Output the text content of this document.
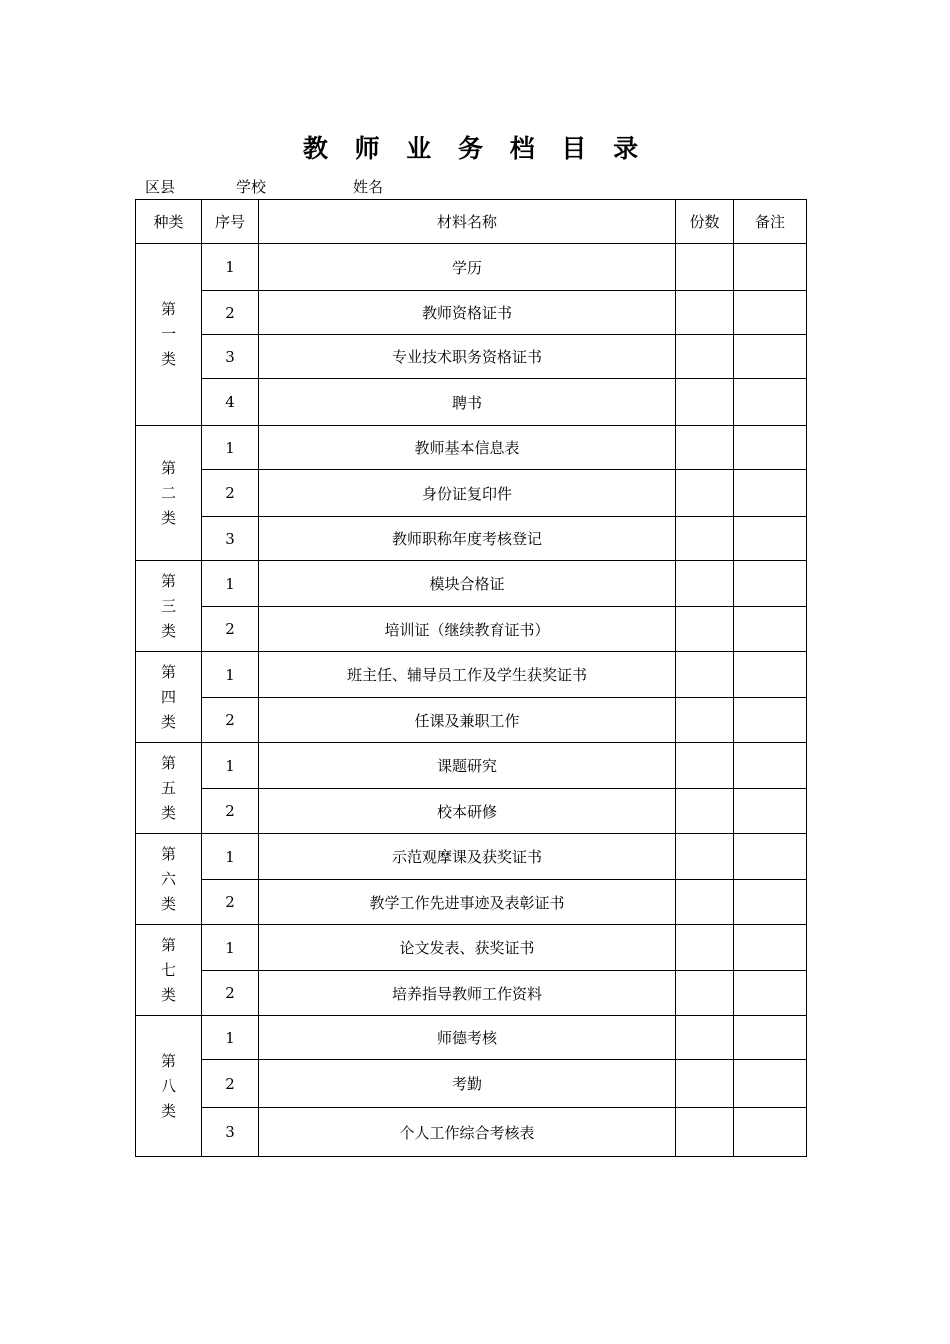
教 师 业 务 档 目 录
区县	学校	姓名
种类	序号	材料名称	份数	备注

第
一
类	1	学历		
	2	教师资格证书		
	3	专业技术职务资格证书		
	4	聘书		

第
二
类	1	教师基本信息表		
	2	身份证复印件		
	3	教师职称年度考核登记		

第
三
类	1	模块合格证		
	2	培训证（继续教育证书）		

第
四
类	1	班主任、辅导员工作及学生获奖证书		
	2	任课及兼职工作		

第
五
类	1	课题研究		
	2	校本研修		

第
六
类	1	示范观摩课及获奖证书		
	2	教学工作先进事迹及表彰证书		

第
七
类	1	论文发表、获奖证书		
	2	培养指导教师工作资料		

第
八
类	1	师德考核		
	2	考勤		
	3	个人工作综合考核表		
